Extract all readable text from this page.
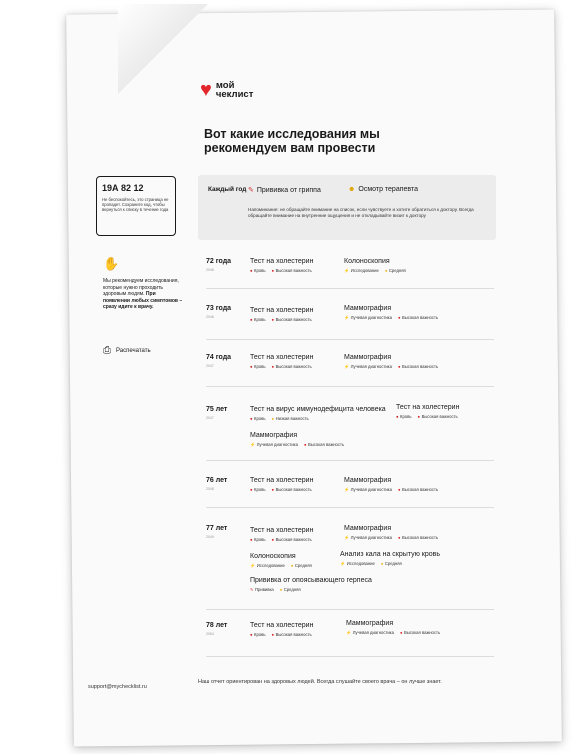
♥ мой
чеклист
Вот какие исследования мы рекомендуем вам провести
19А 82 12
Не беспокойтесь, это страница не пропадет. Сохраните код, чтобы вернуться к списку в течение года
✋
Мы рекомендуем исследования, которые нужно проходить здоровым людям. При появлении любых симптомов – сразу идите к врачу.
⎙ Распечатать
Каждый год ✎ Прививка от гриппа	☻ Осмотр терапевта
Напоминание: не обращайте внимание на список, если чувствуете и хотите обратиться к доктору. Всегда обращайте внимание на внутренние ощущения и не откладывайте визит к доктору
72 года
2046
Тест на холестерин
● Кровь ● Высокая важность
Колоноскопия
⚡ Исследование ● Средняя
73 года
2046
Тест на холестерин
● Кровь ● Высокая важность
Маммография
⚡ Лучевая диагностика ● Высокая важность
74 года
2047
Тест на холестерин
● Кровь ● Высокая важность
Маммография
⚡ Лучевая диагностика ● Высокая важность
75 лет
2047
Тест на вирус иммунодефицита человека
● Кровь ● Низкая важность
Тест на холестерин
● Кровь ● Высокая важность
Маммография
⚡ Лучевая диагностика ● Высокая важность
76 лет
2048
Тест на холестерин
● Кровь ● Высокая важность
Маммография
⚡ Лучевая диагностика ● Высокая важность
77 лет
2049
Тест на холестерин
● Кровь ● Высокая важность
Маммография
⚡ Лучевая диагностика ● Высокая важность
Колоноскопия
⚡ Исследование ● Средняя
Анализ кала на скрытую кровь
⚡ Исследование ● Средняя
Прививка от опоясывающего герпеса
✎ Прививка ● Средняя
78 лет
2054
Тест на холестерин
● Кровь ● Высокая важность
Маммография
⚡ Лучевая диагностика ● Высокая важность
support@mychecklist.ru
Наш отчет ориентирован на здоровых людей. Всегда слушайте своего врача – он лучше знает.
